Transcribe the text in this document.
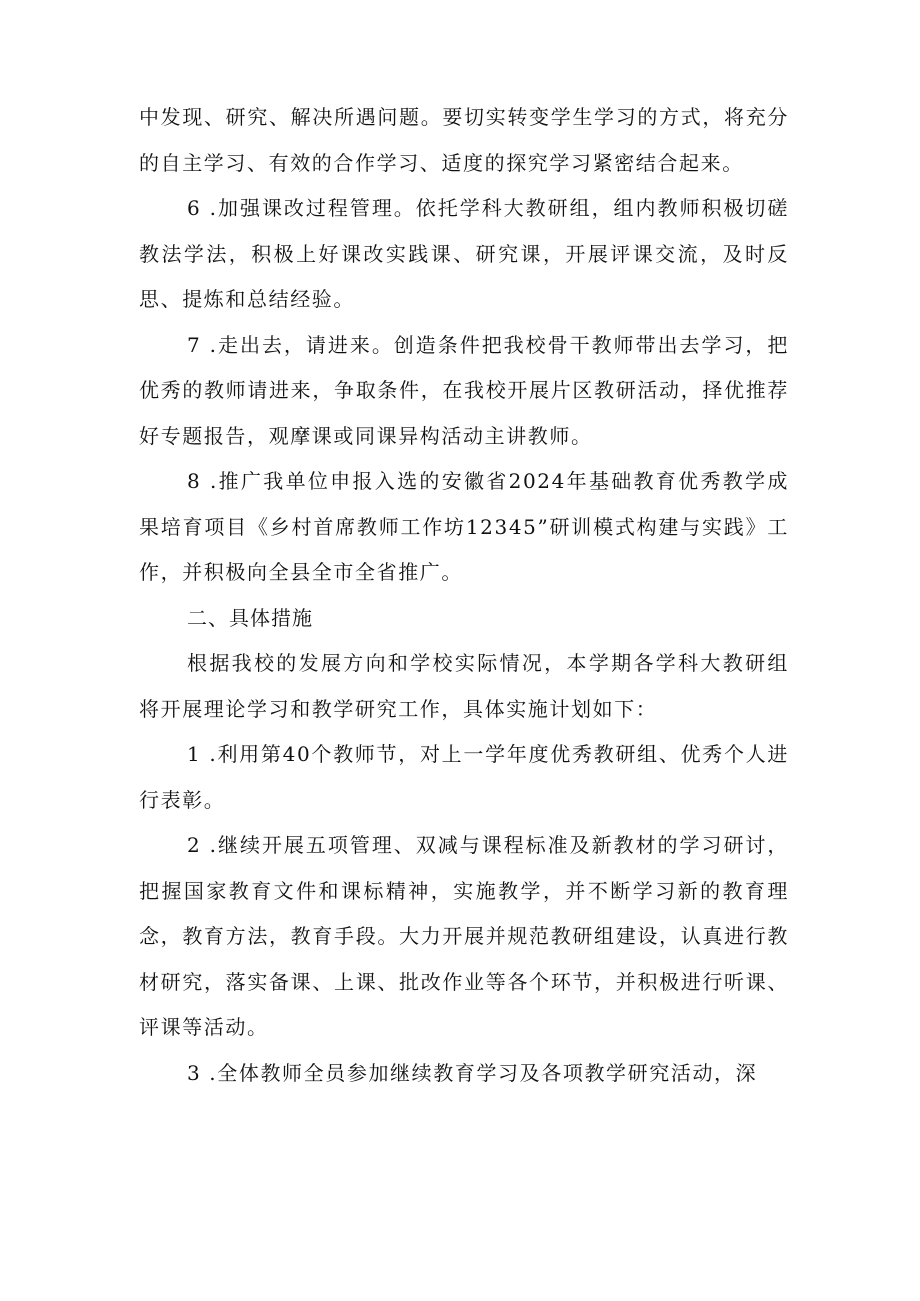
中发现、研究、解决所遇问题。要切实转变学生学习的方式，将充分的自主学习、有效的合作学习、适度的探究学习紧密结合起来。

6 .加强课改过程管理。依托学科大教研组，组内教师积极切磋教法学法，积极上好课改实践课、研究课，开展评课交流，及时反思、提炼和总结经验。

7 .走出去，请进来。创造条件把我校骨干教师带出去学习，把优秀的教师请进来，争取条件，在我校开展片区教研活动，择优推荐好专题报告，观摩课或同课异构活动主讲教师。

8 .推广我单位申报入选的安徽省2024年基础教育优秀教学成果培育项目《乡村首席教师工作坊12345”研训模式构建与实践》工作，并积极向全县全市全省推广。

二、具体措施

根据我校的发展方向和学校实际情况，本学期各学科大教研组将开展理论学习和教学研究工作，具体实施计划如下：

1 .利用第40个教师节，对上一学年度优秀教研组、优秀个人进行表彰。

2 .继续开展五项管理、双减与课程标准及新教材的学习研讨，把握国家教育文件和课标精神，实施教学，并不断学习新的教育理念，教育方法，教育手段。大力开展并规范教研组建设，认真进行教材研究，落实备课、上课、批改作业等各个环节，并积极进行听课、评课等活动。

3 .全体教师全员参加继续教育学习及各项教学研究活动，深
